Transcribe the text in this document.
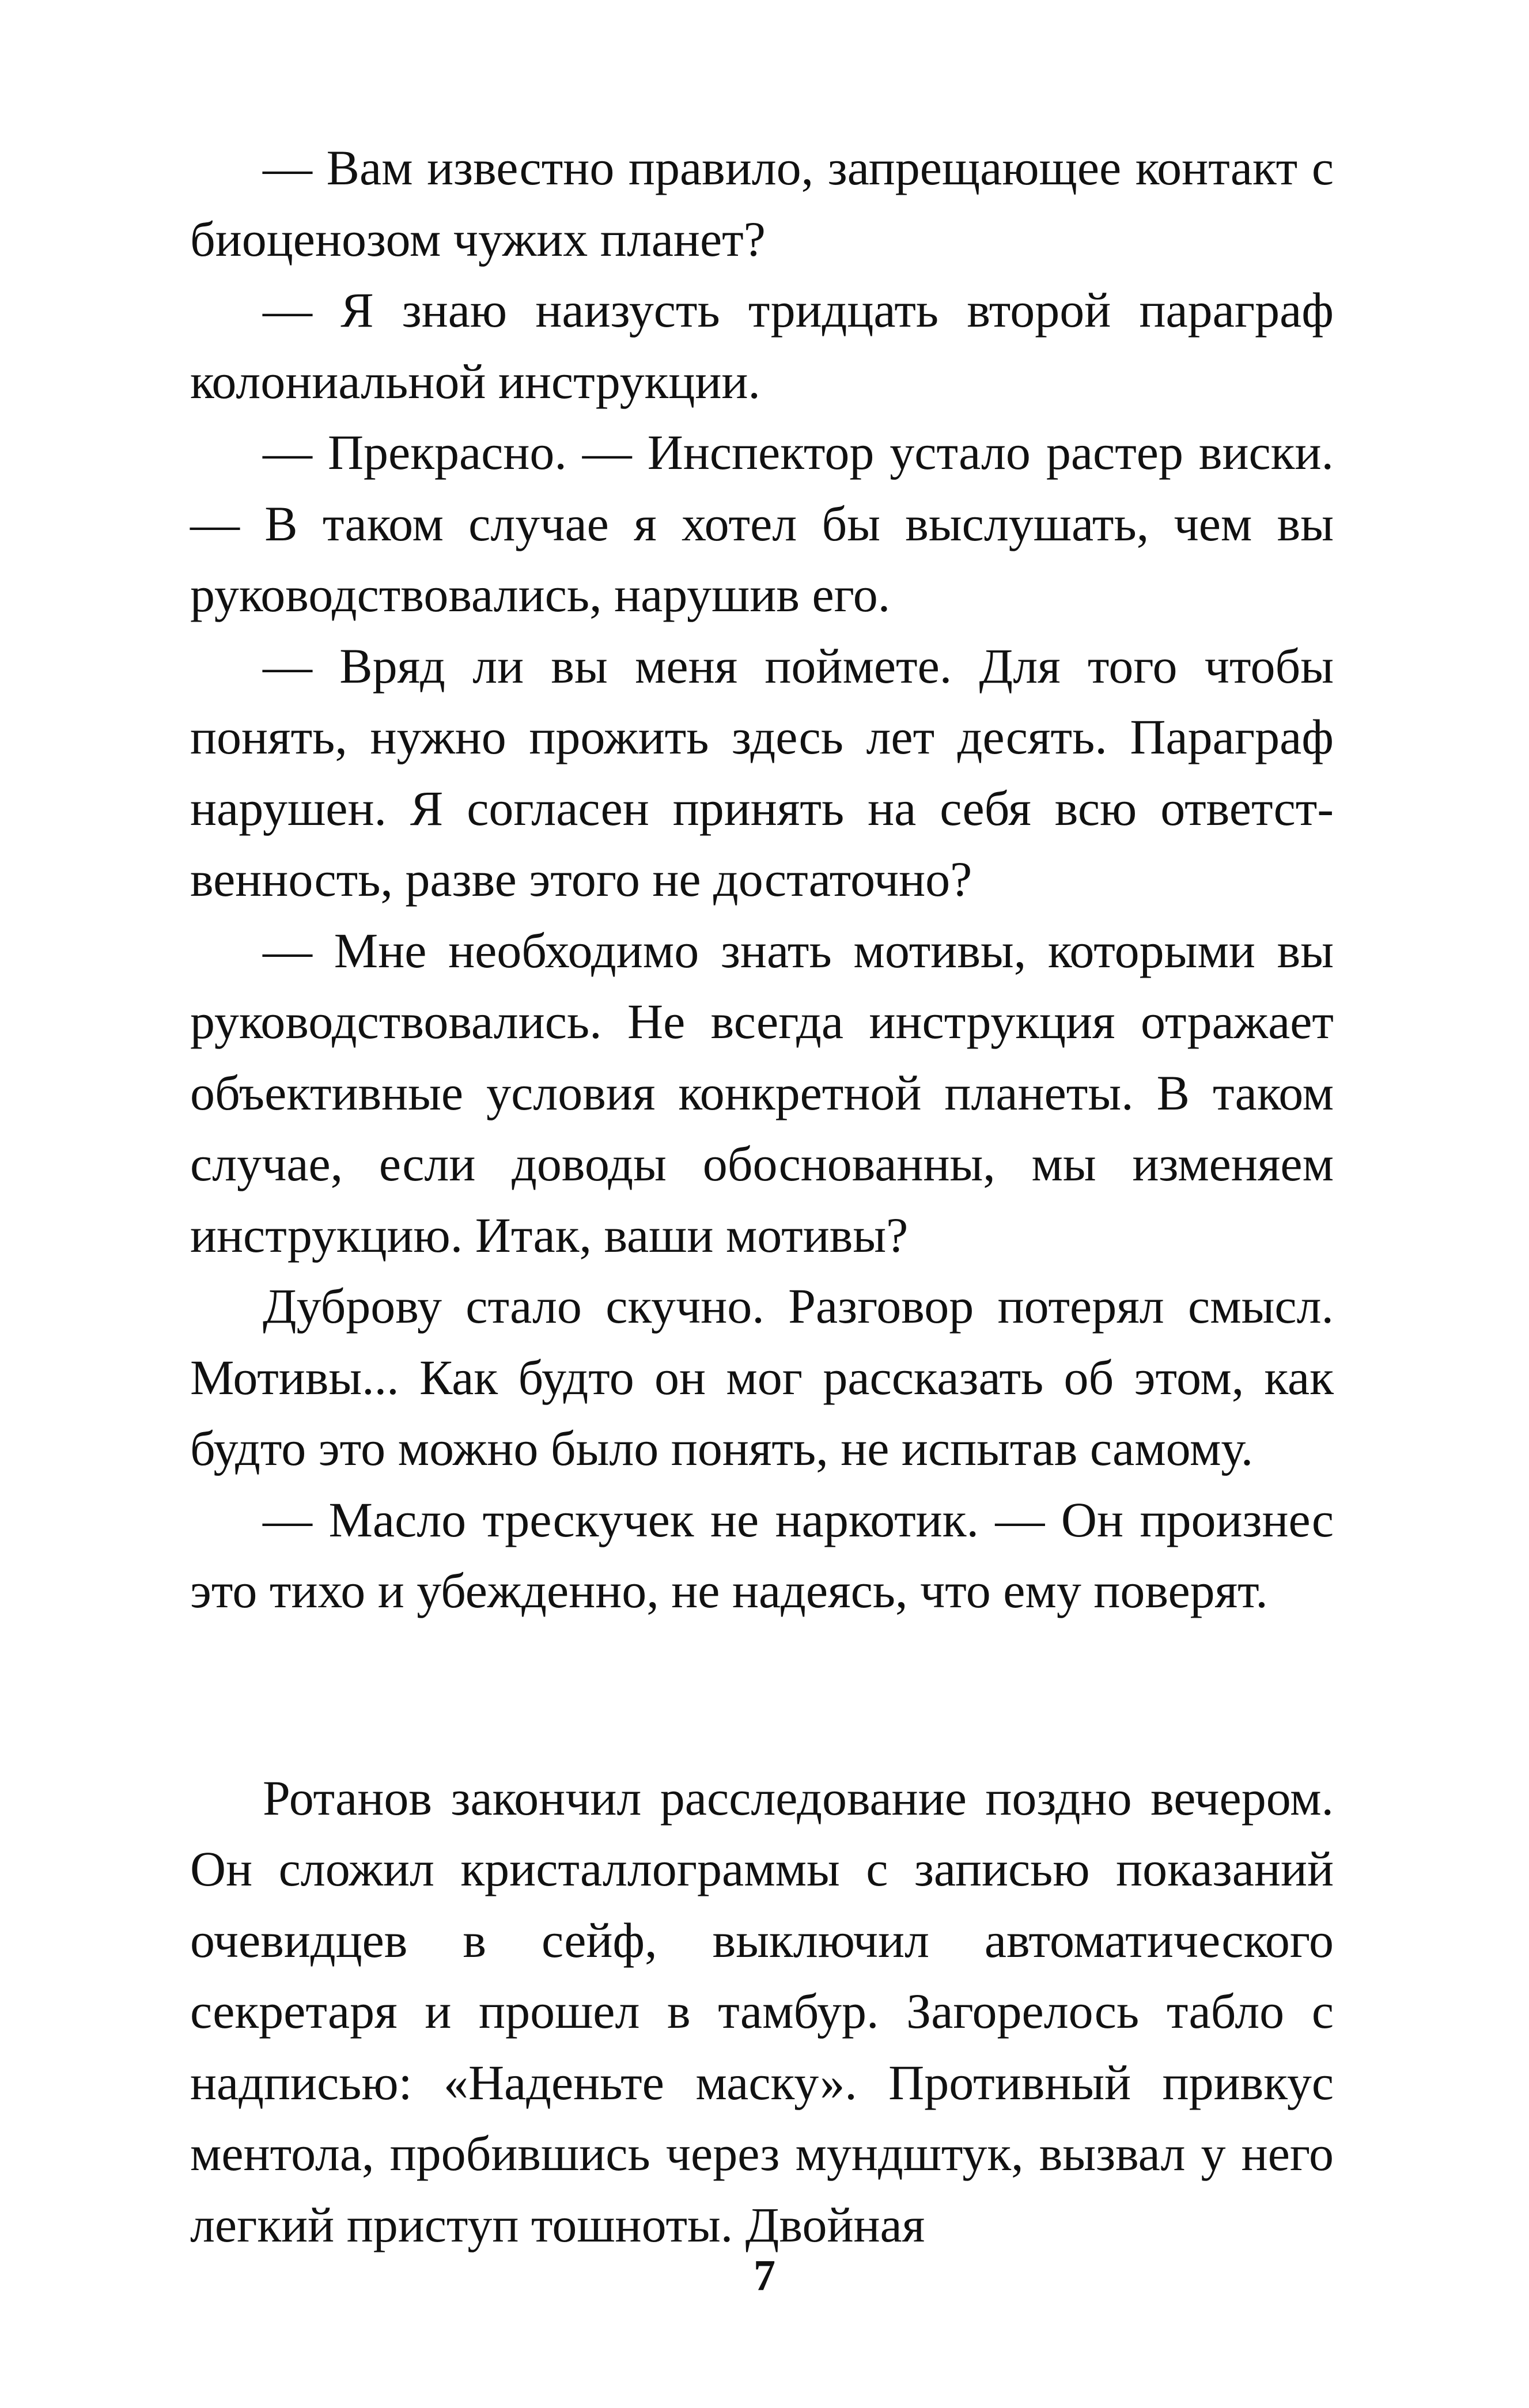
— Вам известно правило, запрещающее контакт с биоценозом чужих планет?

— Я знаю наизусть тридцать второй параграф колониальной инструкции.

— Прекрасно. — Инспектор устало растер виски. — В таком случае я хотел бы выслушать, чем вы руководствовались, нарушив его.

— Вряд ли вы меня поймете. Для того чтобы понять, нужно прожить здесь лет десять. Параграф нарушен. Я согласен принять на себя всю ответственность, разве этого не достаточно?

— Мне необходимо знать мотивы, которыми вы руководствовались. Не всегда инструкция отражает объективные условия конкретной планеты. В таком случае, если доводы обоснованны, мы изменяем инструкцию. Итак, ваши мотивы?

Дуброву стало скучно. Разговор потерял смысл. Мотивы... Как будто он мог рассказать об этом, как будто это можно было понять, не испытав самому.

— Масло трескучек не наркотик. — Он произнес это тихо и убежденно, не надеясь, что ему поверят.

Ротанов закончил расследование поздно вечером. Он сложил кристаллограммы с записью показаний очевидцев в сейф, выключил автоматического секретаря и прошел в тамбур. Загорелось табло с надписью: «Наденьте маску». Противный привкус ментола, пробившись через мундштук, вызвал у него легкий приступ тошноты. Двойная

7
